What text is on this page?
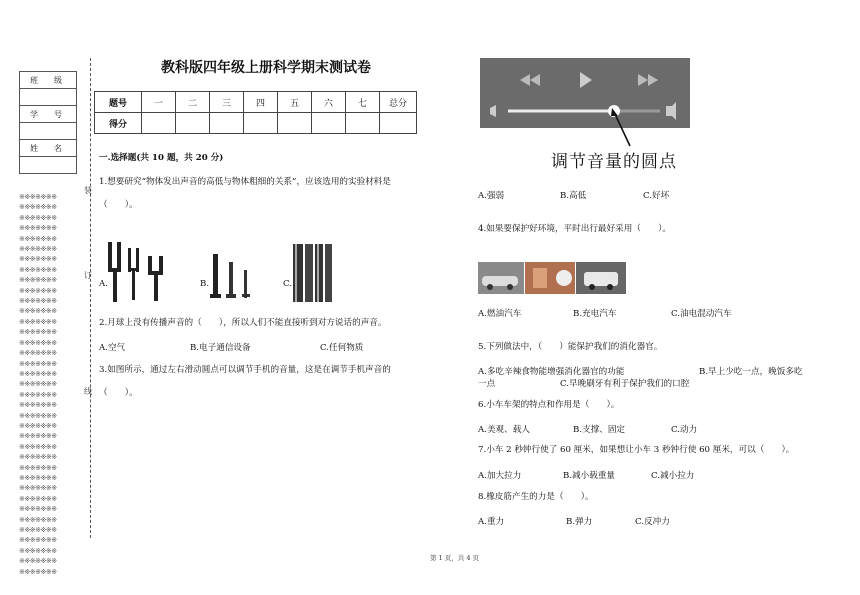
班　级

学　号

姓　名

※※※※※※※
※※※※※※※
※※※※※※※
※※※※※※※
※※※※※※※
※※※※※※※
※※※※※※※
※※※※※※※
※※※※※※※
※※※※※※※
※※※※※※※
※※※※※※※
※※※※※※※
※※※※※※※
※※※※※※※
※※※※※※※
※※※※※※※
※※※※※※※
※※※※※※※
※※※※※※※
※※※※※※※
※※※※※※※
※※※※※※※
※※※※※※※
※※※※※※※
※※※※※※※
※※※※※※※
※※※※※※※
※※※※※※※
※※※※※※※
※※※※※※※
※※※※※※※
※※※※※※※
※※※※※※※
※※※※※※※
※※※※※※※
※※※※※※※
装
订
线
教科版四年级上册科学期末测试卷
题号	一	二	三	四	五	六	七	总分
得分								
一.选择题(共 10 题，共 20 分)
1.想要研究“物体发出声音的高低与物体粗细的关系”，应该选用的实验材料是
（　　）。
A.	B.	C.
2.月球上没有传播声音的（　　），所以人们不能直接听到对方说话的声音。
A.空气	B.电子通信设备	C.任何物质
3.如图所示，通过左右滑动圆点可以调节手机的音量，这是在调节手机声音的
（　　）。
调节音量的圆点
A.强弱	B.高低	C.好坏
4.如果要保护好环境，平时出行最好采用（　　）。
A.燃油汽车	B.充电汽车	C.油电混动汽车
5.下列做法中，（　　）能保护我们的消化器官。
A.多吃辛辣食物能增强消化器官的功能	B.早上少吃一点，晚饭多吃
一点	C.早晚刷牙有利于保护我们的口腔
6.小车车架的特点和作用是（　　）。
A.美观、载人	B.支撑、固定	C.动力
7.小车 2 秒钟行使了 60 厘米，如果想让小车 3 秒钟行使 60 厘米，可以（　　）。
A.加大拉力	B.减小载重量	C.减小拉力
8.橡皮筋产生的力是（　　）。
A.重力	B.弹力	C.反冲力
第 1 页，共 4 页
